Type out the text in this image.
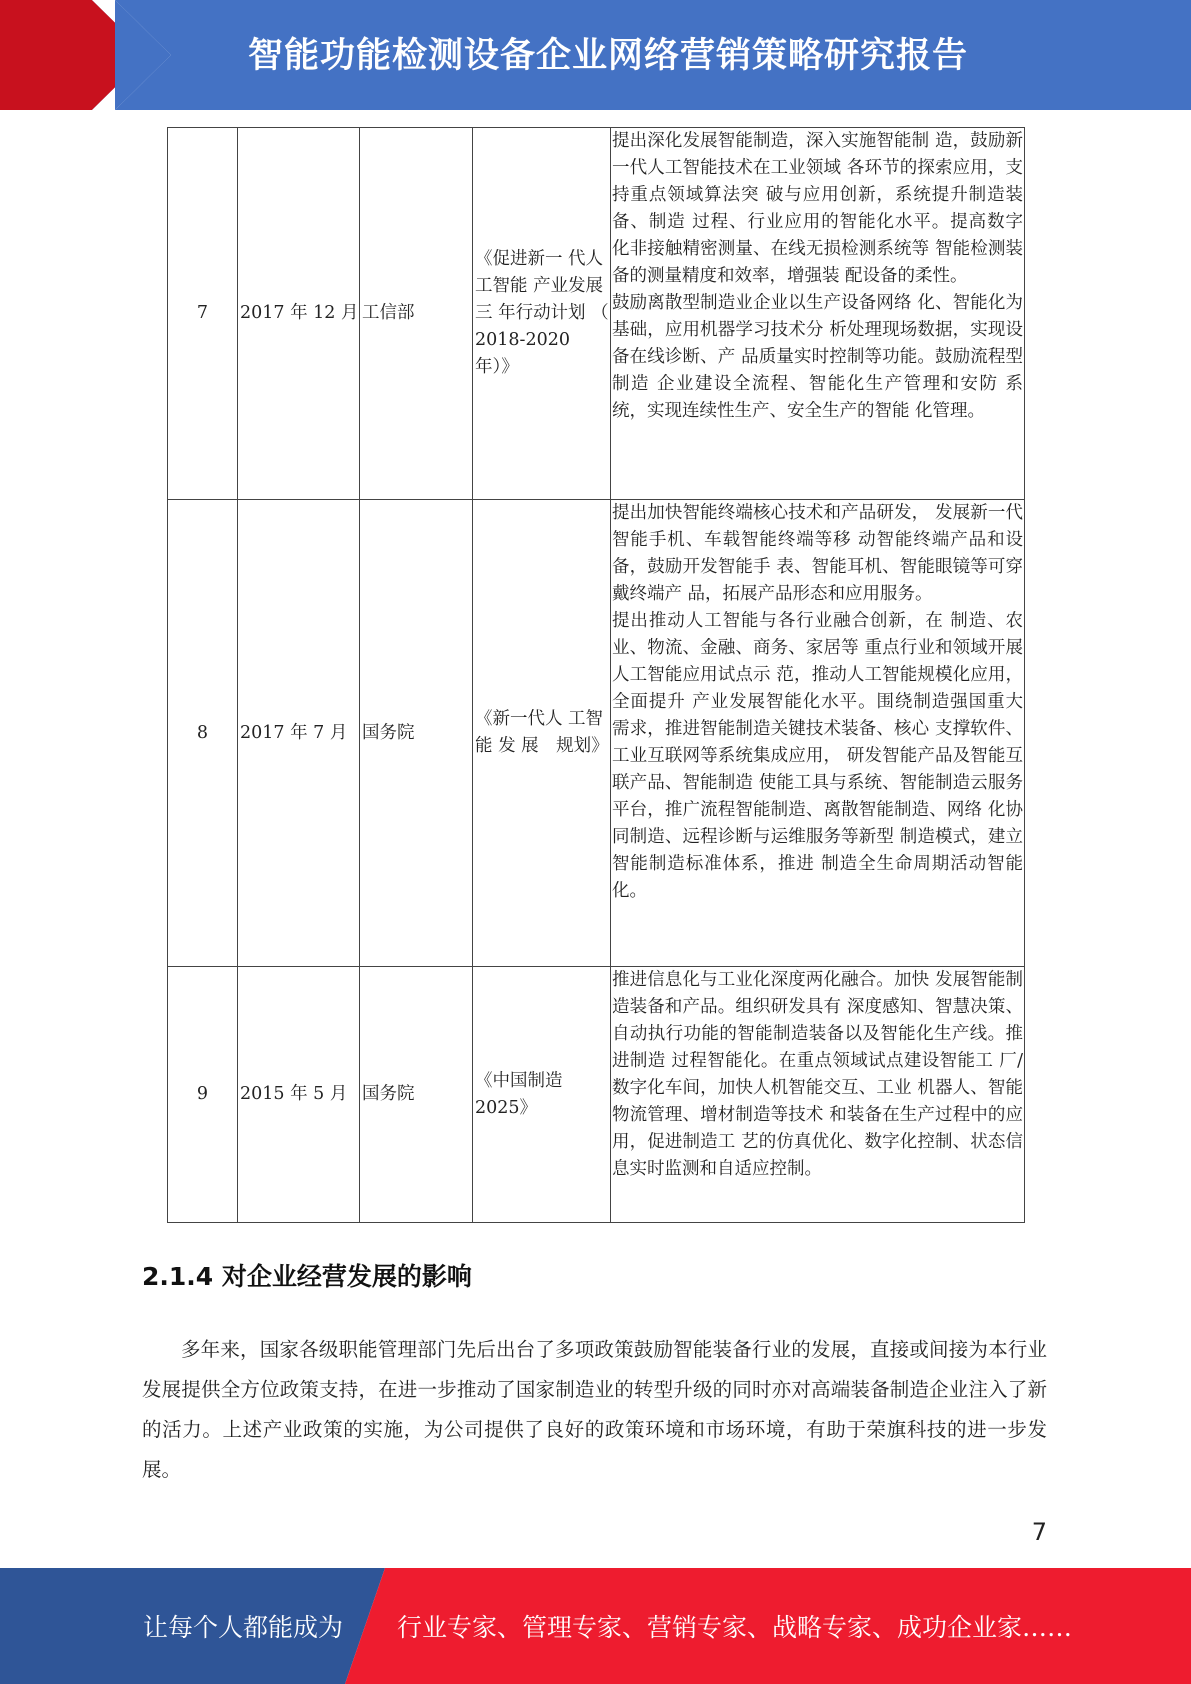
智能功能检测设备企业网络营销策略研究报告
7	2017 年 12 月	工信部	《促进新一 代人工智能 产业发展三 年行动计划 （ 2018-2020 年）》	提出深化发展智能制造，深入实施智能制 造，鼓励新一代人工智能技术在工业领域 各环节的探索应用，支持重点领域算法突 破与应用创新，系统提升制造装备、制造 过程、行业应用的智能化水平。提高数字 化非接触精密测量、在线无损检测系统等 智能检测装备的测量精度和效率，增强装 配设备的柔性。

鼓励离散型制造业企业以生产设备网络 化、智能化为基础，应用机器学习技术分 析处理现场数据，实现设备在线诊断、产 品质量实时控制等功能。鼓励流程型制造 企业建设全流程、智能化生产管理和安防 系统，实现连续性生产、安全生产的智能 化管理。

8	2017 年 7 月	国务院	《新一代人 工智 能 发 展　规划》	提出加快智能终端核心技术和产品研发， 发展新一代智能手机、车载智能终端等移 动智能终端产品和设备，鼓励开发智能手 表、智能耳机、智能眼镜等可穿戴终端产 品，拓展产品形态和应用服务。

提出推动人工智能与各行业融合创新，在 制造、农业、物流、金融、商务、家居等 重点行业和领域开展人工智能应用试点示 范，推动人工智能规模化应用，全面提升 产业发展智能化水平。围绕制造强国重大 需求，推进智能制造关键技术装备、核心 支撑软件、工业互联网等系统集成应用， 研发智能产品及智能互联产品、智能制造 使能工具与系统、智能制造云服务平台，推广流程智能制造、离散智能制造、网络 化协同制造、远程诊断与运维服务等新型 制造模式，建立智能制造标准体系，推进 制造全生命周期活动智能化。

9	2015 年 5 月	国务院	《中国制造 2025》	推进信息化与工业化深度两化融合。加快 发展智能制造装备和产品。组织研发具有 深度感知、智慧决策、自动执行功能的智能制造装备以及智能化生产线。推进制造 过程智能化。在重点领域试点建设智能工 厂/数字化车间，加快人机智能交互、工业 机器人、智能物流管理、增材制造等技术 和装备在生产过程中的应用，促进制造工 艺的仿真优化、数字化控制、状态信息实时监测和自适应控制。

2.1.4 对企业经营发展的影响

多年来，国家各级职能管理部门先后出台了多项政策鼓励智能装备行业的发展，直接或间接为本行业发展提供全方位政策支持，在进一步推动了国家制造业的转型升级的同时亦对高端装备制造企业注入了新的活力。上述产业政策的实施，为公司提供了良好的政策环境和市场环境，有助于荣旗科技的进一步发展。

7
让每个人都能成为 行业专家、管理专家、营销专家、战略专家、成功企业家……
